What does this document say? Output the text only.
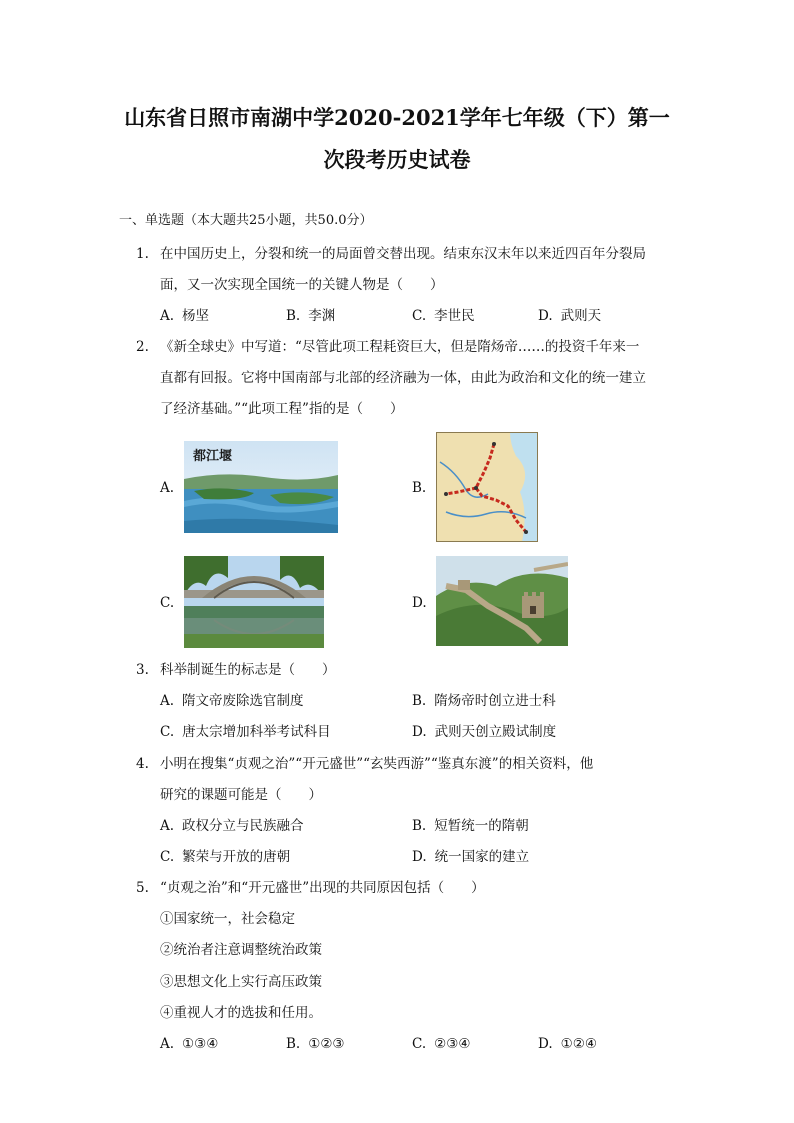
山东省日照市南湖中学2020-2021学年七年级（下）第一
次段考历史试卷
一、单选题（本大题共25小题，共50.0分）
1. 在中国历史上，分裂和统一的局面曾交替出现。结束东汉末年以来近四百年分裂局
面，又一次实现全国统一的关键人物是（　　）
A. 杨坚	B. 李渊	C. 李世民	D. 武则天
2. 《新全球史》中写道：“尽管此项工程耗资巨大，但是隋炀帝……的投资千年来一
直都有回报。它将中国南部与北部的经济融为一体，由此为政治和文化的统一建立
了经济基础。”“此项工程”指的是（　　）
A.
都江堰
B.
C.	D.
3. 科举制诞生的标志是（　　）
A. 隋文帝废除选官制度	B. 隋炀帝时创立进士科
C. 唐太宗增加科举考试科目	D. 武则天创立殿试制度
4. 小明在搜集“贞观之治”“开元盛世”“玄奘西游”“鉴真东渡”的相关资料，他
研究的课题可能是（　　）
A. 政权分立与民族融合	B. 短暂统一的隋朝
C. 繁荣与开放的唐朝	D. 统一国家的建立
5. “贞观之治”和“开元盛世”出现的共同原因包括（　　）
①国家统一，社会稳定
②统治者注意调整统治政策
③思想文化上实行高压政策
④重视人才的选拔和任用。
A. ①③④	B. ①②③	C. ②③④	D. ①②④
